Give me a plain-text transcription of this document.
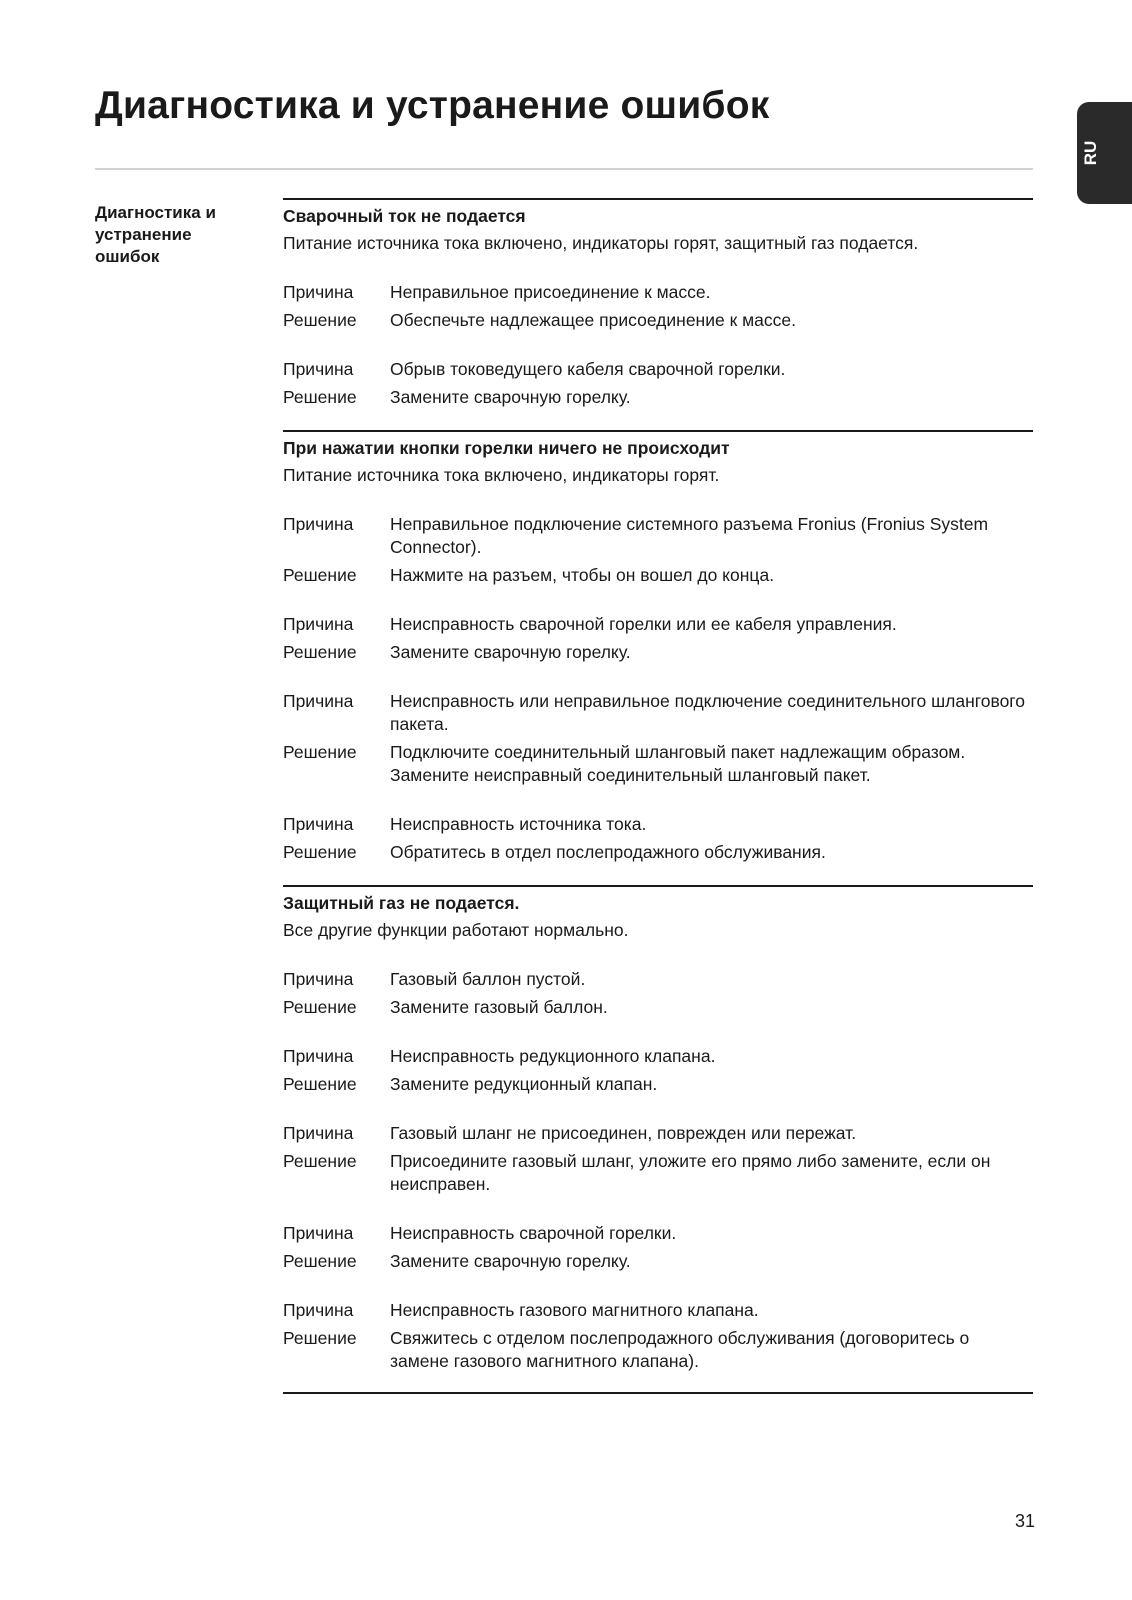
Диагностика и устранение ошибок
RU
Диагностика и
устранение
ошибок
Сварочный ток не подается
Питание источника тока включено, индикаторы горят, защитный газ подается.
Причина	Неправильное присоединение к массе.
Решение	Обеспечьте надлежащее присоединение к массе.
Причина	Обрыв токоведущего кабеля сварочной горелки.
Решение	Замените сварочную горелку.
При нажатии кнопки горелки ничего не происходит
Питание источника тока включено, индикаторы горят.
Причина	Неправильное подключение системного разъема Fronius (Fronius System Connector).
Решение	Нажмите на разъем, чтобы он вошел до конца.
Причина	Неисправность сварочной горелки или ее кабеля управления.
Решение	Замените сварочную горелку.
Причина	Неисправность или неправильное подключение соединительного шлангового пакета.
Решение	Подключите соединительный шланговый пакет надлежащим образом. Замените неисправный соединительный шланговый пакет.
Причина	Неисправность источника тока.
Решение	Обратитесь в отдел послепродажного обслуживания.
Защитный газ не подается.
Все другие функции работают нормально.
Причина	Газовый баллон пустой.
Решение	Замените газовый баллон.
Причина	Неисправность редукционного клапана.
Решение	Замените редукционный клапан.
Причина	Газовый шланг не присоединен, поврежден или пережат.
Решение	Присоедините газовый шланг, уложите его прямо либо замените, если он неисправен.
Причина	Неисправность сварочной горелки.
Решение	Замените сварочную горелку.
Причина	Неисправность газового магнитного клапана.
Решение	Свяжитесь с отделом послепродажного обслуживания (договоритесь о замене газового магнитного клапана).
31
